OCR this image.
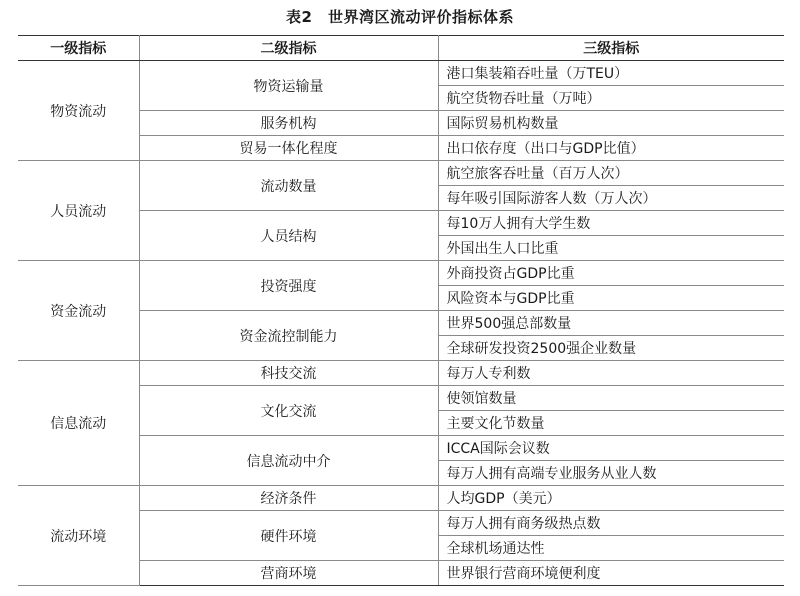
表2　世界湾区流动评价指标体系
一级指标	二级指标	三级指标
物资流动	物资运输量	港口集装箱吞吐量（万TEU）
		航空货物吞吐量（万吨）
	服务机构	国际贸易机构数量
	贸易一体化程度	出口依存度（出口与GDP比值）
人员流动	流动数量	航空旅客吞吐量（百万人次）
		每年吸引国际游客人数（万人次）
	人员结构	每10万人拥有大学生数
		外国出生人口比重
资金流动	投资强度	外商投资占GDP比重
		风险资本与GDP比重
	资金流控制能力	世界500强总部数量
		全球研发投资2500强企业数量
信息流动	科技交流	每万人专利数
	文化交流	使领馆数量
		主要文化节数量
	信息流动中介	ICCA国际会议数
		每万人拥有高端专业服务从业人数
流动环境	经济条件	人均GDP（美元）
	硬件环境	每万人拥有商务级热点数
		全球机场通达性
	营商环境	世界银行营商环境便利度
